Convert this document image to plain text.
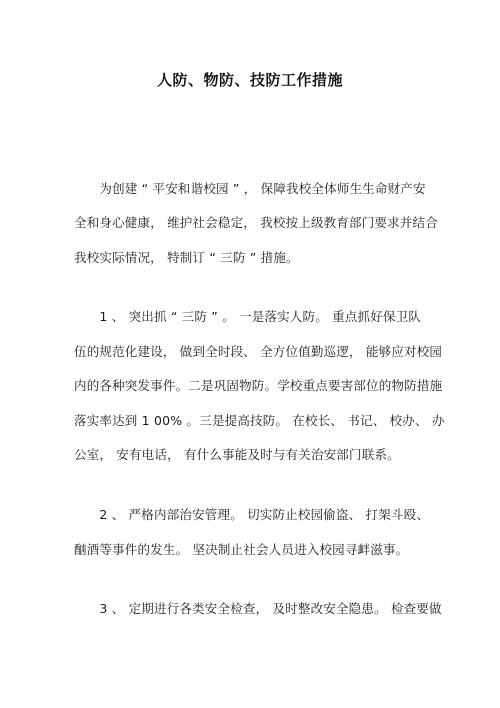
人防、物防、技防工作措施
　　为创建 “ 平安和谐校园 ” ， 保障我校全体师生生命财产安
全和身心健康， 维护社会稳定， 我校按上级教育部门要求并结合
我校实际情况， 特制订 “ 三防 ” 措施。
　　1 、 突出抓 “ 三防 ” 。 一是落实人防。 重点抓好保卫队
伍的规范化建设， 做到全时段、 全方位值勤巡逻， 能够应对校园
内的各种突发事件。二是巩固物防。学校重点要害部位的物防措施
落实率达到 1 00% 。三是提高技防。 在校长、 书记、 校办、 办
公室， 安有电话， 有什么事能及时与有关治安部门联系。
　　2 、 严格内部治安管理。 切实防止校园偷盗、 打架斗殴、
酗酒等事件的发生。 坚决制止社会人员进入校园寻衅滋事。
　　3 、 定期进行各类安全检查， 及时整改安全隐患。 检查要做
